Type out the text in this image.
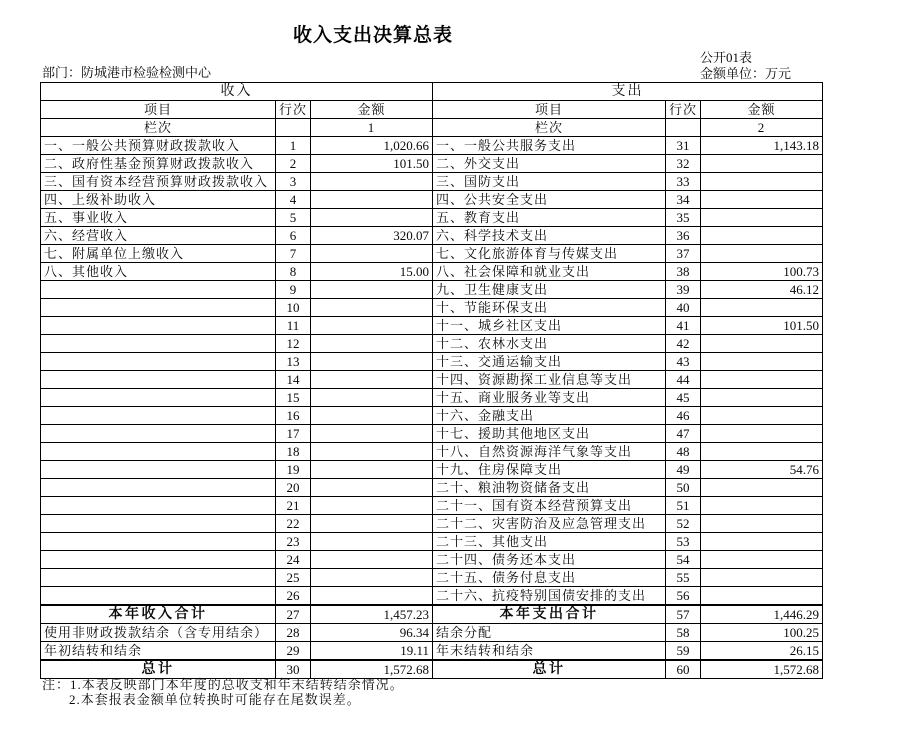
收入支出决算总表
公开01表
部门：防城港市检验检测中心	金额单位：万元
收入			支出		
项目	行次	金额	项目	行次	金额
栏次		1	栏次		2
一、一般公共预算财政拨款收入	1	1,020.66	一、一般公共服务支出	31	1,143.18
二、政府性基金预算财政拨款收入	2	101.50	二、外交支出	32	
三、国有资本经营预算财政拨款收入	3		三、国防支出	33	
四、上级补助收入	4		四、公共安全支出	34	
五、事业收入	5		五、教育支出	35	
六、经营收入	6	320.07	六、科学技术支出	36	
七、附属单位上缴收入	7		七、文化旅游体育与传媒支出	37	
八、其他收入	8	15.00	八、社会保障和就业支出	38	100.73
	9		九、卫生健康支出	39	46.12
	10		十、节能环保支出	40	
	11		十一、城乡社区支出	41	101.50
	12		十二、农林水支出	42	
	13		十三、交通运输支出	43	
	14		十四、资源勘探工业信息等支出	44	
	15		十五、商业服务业等支出	45	
	16		十六、金融支出	46	
	17		十七、援助其他地区支出	47	
	18		十八、自然资源海洋气象等支出	48	
	19		十九、住房保障支出	49	54.76
	20		二十、粮油物资储备支出	50	
	21		二十一、国有资本经营预算支出	51	
	22		二十二、灾害防治及应急管理支出	52	
	23		二十三、其他支出	53	
	24		二十四、债务还本支出	54	
	25		二十五、债务付息支出	55	
	26		二十六、抗疫特别国债安排的支出	56	
本年收入合计	27	1,457.23	本年支出合计	57	1,446.29
使用非财政拨款结余（含专用结余）	28	96.34	结余分配	58	100.25
年初结转和结余	29	19.11	年末结转和结余	59	26.15
总计	30	1,572.68	总计	60	1,572.68
注：1.本表反映部门本年度的总收支和年末结转结余情况。
2.本套报表金额单位转换时可能存在尾数误差。
